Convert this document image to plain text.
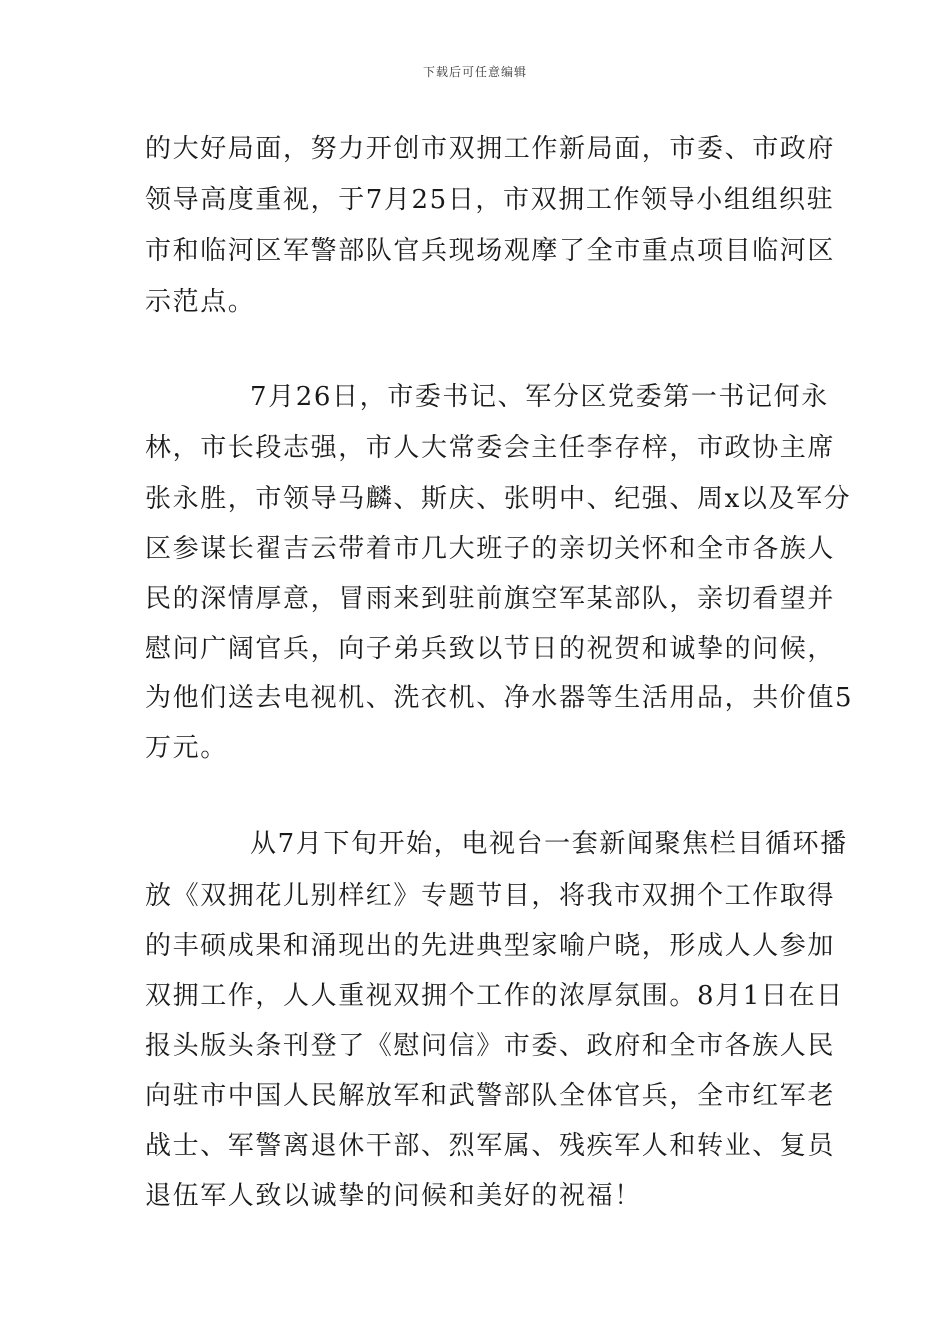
下载后可任意编辑
的大好局面，努力开创市双拥工作新局面，市委、市政府
领导高度重视，于7月25日，市双拥工作领导小组组织驻
市和临河区军警部队官兵现场观摩了全市重点项目临河区
示范点。
7月26日，市委书记、军分区党委第一书记何永
林，市长段志强，市人大常委会主任李存梓，市政协主席
张永胜，市领导马麟、斯庆、张明中、纪强、周x以及军分
区参谋长翟吉云带着市几大班子的亲切关怀和全市各族人
民的深情厚意，冒雨来到驻前旗空军某部队，亲切看望并
慰问广阔官兵，向子弟兵致以节日的祝贺和诚挚的问候，
为他们送去电视机、洗衣机、净水器等生活用品，共价值5
万元。
从7月下旬开始，电视台一套新闻聚焦栏目循环播
放《双拥花儿别样红》专题节目，将我市双拥个工作取得
的丰硕成果和涌现出的先进典型家喻户晓，形成人人参加
双拥工作，人人重视双拥个工作的浓厚氛围。8月1日在日
报头版头条刊登了《慰问信》市委、政府和全市各族人民
向驻市中国人民解放军和武警部队全体官兵，全市红军老
战士、军警离退休干部、烈军属、残疾军人和转业、复员
退伍军人致以诚挚的问候和美好的祝福！
